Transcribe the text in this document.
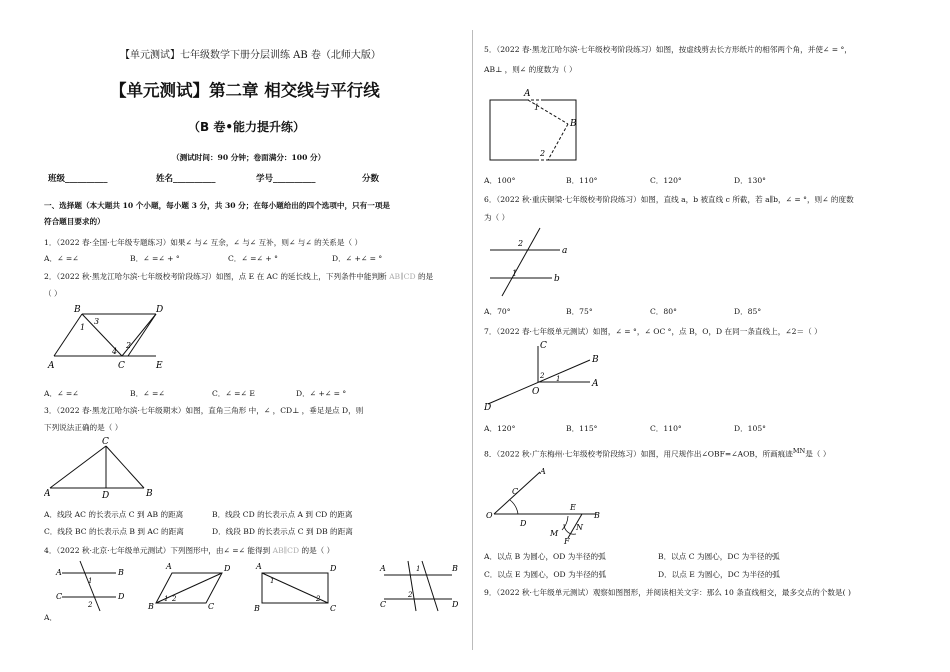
【单元测试】七年级数学下册分层训练 AB 卷（北师大版）
【单元测试】第二章 相交线与平行线
（B 卷•能力提升练）
（测试时间：90 分钟；卷面满分：100 分）
班级__________	姓名__________	学号__________	分数
一、选择题（本大题共 10 个小题，每小题 3 分，共 30 分；在每小题给出的四个选项中，只有一项是
符合题目要求的）
1．（2022 春·全国·七年级专题练习）如果∠ 与∠ 互余，∠ 与∠ 互补，则∠ 与∠ 的关系是（ ）
A．∠ =∠	B．∠ =∠ + °	C．∠ =∠ + °	D．∠ +∠ = °
2．（2022 秋·黑龙江哈尔滨·七年级校考阶段练习）如图，点 E 在 AC 的延长线上，下列条件中能判断 AB∥CD 的是
（ ）
B	D
A	C	E
1
3
2
4
A．∠ =∠	B．∠ =∠	C．∠ =∠ E	D．∠ +∠ = °
3．（2022 春·黑龙江哈尔滨·七年级期末）如图，直角三角形 中，∠ ，CD⊥ ，垂足是点 D，则
下列说法正确的是（ ）
C
A	D	B
A．线段 AC 的长表示点 C 到 AB 的距离	B．线段 CD 的长表示点 A 到 CD 的距离
C．线段 BC 的长表示点 B 到 AC 的距离	D．线段 BD 的长表示点 C 到 DB 的距离
4．（2022 秋·北京·七年级单元测试）下列图形中，由∠ =∠ 能得到 AB∥CD 的是（ ）
A	B
C	D
1
2
A	D
B	C
1 2
A	D
B	C
1
2
A
C
B
D
1
2
A．
5．（2022 春·黑龙江哈尔滨·七年级校考阶段练习）如图，按虚线剪去长方形纸片的相邻两个角，并使∠ = °，
AB⊥ ，则∠ 的度数为（ ）
A
B
1
2
A．100°	B．110°	C．120°	D．130°
6．（2022 秋·重庆铜梁·七年级校考阶段练习）如图，直线 a，b 被直线 c 所截，若 a∥b，∠ = °，则∠ 的度数
为（ ）
a
b
2
1
A．70°	B．75°	C．80°	D．85°
7．（2022 春·七年级单元测试）如图，∠ = °，∠ OC °，点 B，O，D 在同一条直线上，∠2＝（ ）
C
B
A
D
O
2 1
A．120°	B．115°	C．110°	D．105°
8．（2022 秋·广东梅州·七年级校考阶段练习）如图，用尺规作出∠OBF=∠AOB，所画痕迹$^{MN}$是（ ）
A
C
D
O	B
E
M
N
F
A．以点 B 为圆心，OD 为半径的弧	B．以点 C 为圆心，DC 为半径的弧
C．以点 E 为圆心，OD 为半径的弧	D．以点 E 为圆心，DC 为半径的弧
9．（2022 秋·七年级单元测试）观察如图图形，并阅读相关文字：那么 10 条直线相交，最多交点的个数是( )
